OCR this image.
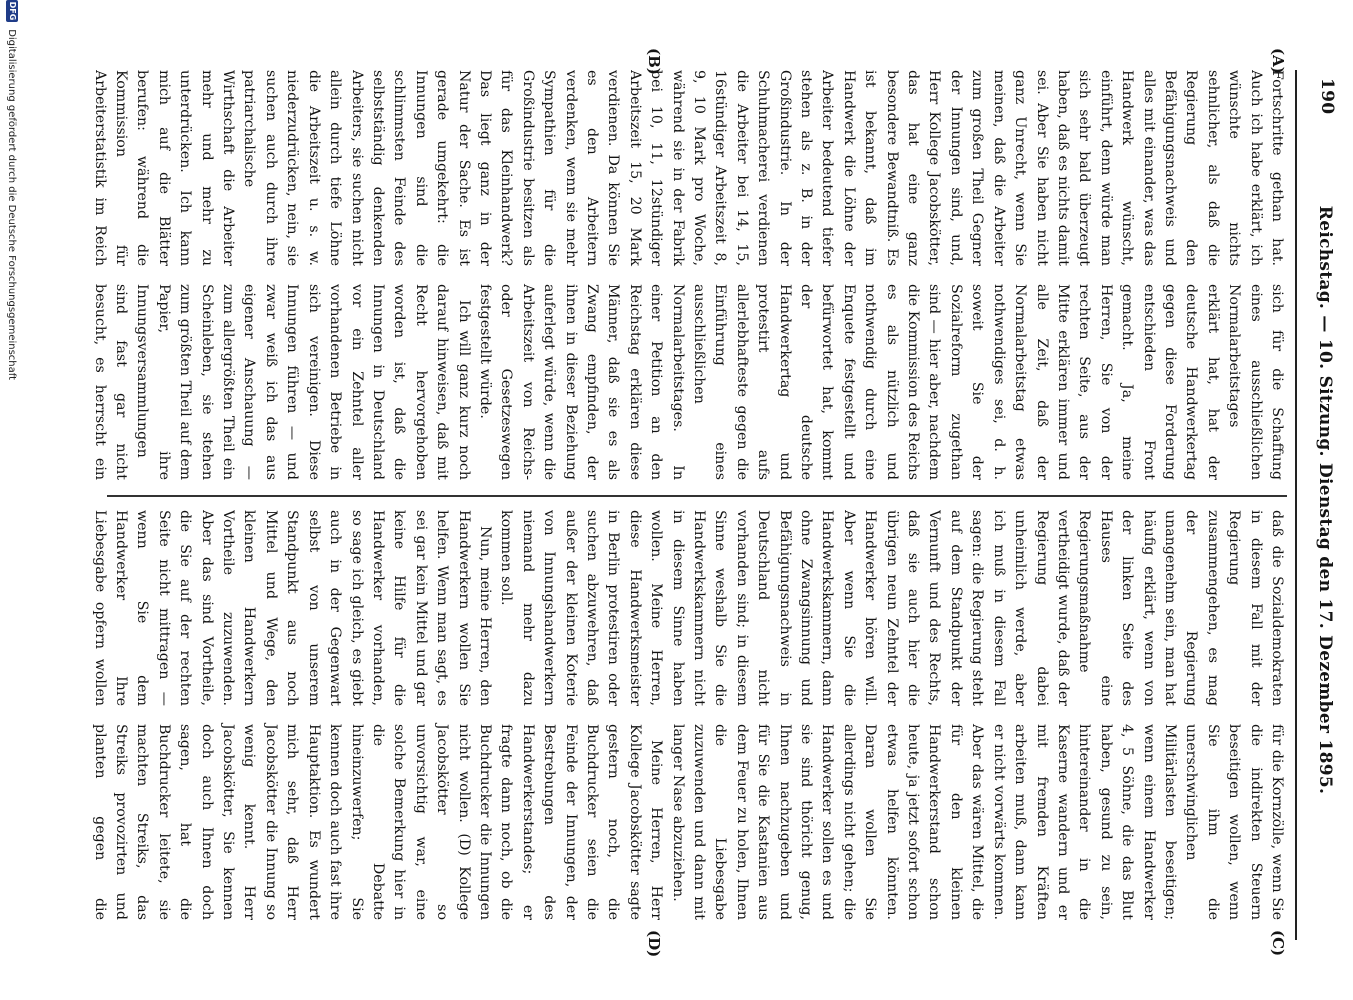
190
Reichstag. — 10. Sitzung. Dienstag den 17. Dezember 1895.
(A)
(B)
(C)
(D)

Fortschritte gethan hat. Auch ich habe erklärt, ich wünschte nichts sehnlicher, als daß die Regierung den Befähigungsnachweis und alles mit einander, was das Handwerk wünscht, einführt, denn würde man sich sehr bald überzeugt haben, daß es nichts damit sei. Aber Sie haben nicht ganz Unrecht, wenn Sie meinen, daß die Arbeiter zum großen Theil Gegner der Innungen sind, und, Herr Kollege Jacobskötter, das hat eine ganz besondere Bewandtniß. Es ist bekannt, daß im Handwerk die Löhne der Arbeiter bedeutend tiefer stehen als z. B. in der Großindustrie. In der Schuhmacherei verdienen die Arbeiter bei 14, 15, 16stündiger Arbeitszeit 8, 9, 10 Mark pro Woche, während sie in der Fabrik bei 10, 11, 12stündiger Arbeitszeit 15, 20 Mark verdienen. Da können Sie es den Arbeitern verdenken, wenn sie mehr Sympathien für die Großindustrie besitzen als für das Kleinhandwerk? Das liegt ganz in der Natur der Sache. Es ist gerade umgekehrt: die Innungen sind die schlimmsten Feinde des selbstständig denkenden Arbeiters, sie suchen nicht allein durch tiefe Löhne die Arbeitszeit u. s. w. niederzudrücken, nein, sie suchen auch durch ihre patriarchalische Wirthschaft die Arbeiter mehr und mehr zu unterdrücken. Ich kann mich auf die Blätter berufen: während die Kommission für Arbeiterstatistik im Reich sich für die Schaffung eines ausschließlichen Normalarbeitstages erklärt hat, hat der deutsche Handwerkertag gegen diese Forderung entschieden Front gemacht. Ja, meine Herren, Sie von der rechten Seite, aus der Mitte erklären immer und alle Zeit, daß der Normalarbeitstag etwas nothwendiges sei, d. h. soweit Sie der Sozialreform zugethan sind — hier aber, nachdem die Kommission des Reichs es als nützlich und nothwendig durch eine Enquete festgestellt und befürwortet hat, kommt der deutsche Handwerkertag und protestirt aufs allerlebhafteste gegen die Einführung eines ausschließlichen Normalarbeitstages. In einer Petition an den Reichstag erklären diese Männer, daß sie es als Zwang empfinden, der ihnen in dieser Beziehung auferlegt würde, wenn die Arbeitszeit von Reichs- oder Gesetzeswegen festgestellt würde.

Ich will ganz kurz noch darauf hinweisen, daß mit Recht hervorgehoben worden ist, daß die Innungen in Deutschland vor ein Zehntel aller vorhandenen Betriebe in sich vereinigen. Diese Innungen führen — und zwar weiß ich das aus eigener Anschauung — zum allergrößten Theil ein Scheinleben, sie stehen zum größten Theil auf dem Papier, ihre Innungsversammlungen sind fast gar nicht besucht, es herrscht ein

daß die Sozialdemokraten in diesem Fall mit der Regierung zusammengehen, es mag der Regierung unangenehm sein, man hat häufig erklärt, wenn von der linken Seite des Hauses eine Regierungsmaßnahme vertheidigt wurde, daß der Regierung dabei unheimlich werde, aber ich muß in diesem Fall sagen: die Regierung steht auf dem Standpunkt der Vernunft und des Rechts, daß sie auch hier die übrigen neun Zehntel der Handwerker hören will. Aber wenn Sie die Handwerkskammern, dann ohne Zwangsinnung und Befähigungsnachweis in Deutschland nicht vorhanden sind; in diesem Sinne weshalb Sie die Handwerkskammern nicht in diesem Sinne haben wollen. Meine Herren, diese Handwerksmeister in Berlin protestiren oder suchen abzuwehren, daß außer der kleinen Koterie von Innungshandwerkern niemand mehr dazu kommen soll.

Nun, meine Herren, den Handwerkern wollen Sie helfen. Wenn man sagt, es sei gar kein Mittel und gar keine Hilfe für die Handwerker vorhanden, so sage ich gleich, es giebt auch in der Gegenwart selbst von unserem Standpunkt aus noch Mittel und Wege, den kleinen Handwerkern Vortheile zuzuwenden. Aber das sind Vortheile, die Sie auf der rechten Seite nicht mittragen — wenn Sie dem Handwerker Ihre Liebesgabe opfern wollen für die Kornzölle, wenn Sie die indirekten Steuern beseitigen wollen, wenn Sie ihm die unerschwinglichen Militärlasten beseitigen; wenn einem Handwerker 4, 5 Söhne, die das Blut haben, gesund zu sein, hintereinander in die Kaserne wandern und er mit fremden Kräften arbeiten muß, dann kann er nicht vorwärts kommen. Aber das wären Mittel, die für den kleinen Handwerkerstand schon heute, ja jetzt sofort schon etwas helfen könnten. Daran wollen Sie allerdings nicht gehen; die Handwerker sollen es und sie sind thöricht genug, Ihnen nachzugeben und für Sie die Kastanien aus dem Feuer zu holen, Ihnen die Liebesgabe zuzuwenden und dann mit langer Nase abzuziehen.

Meine Herren, Herr Kollege Jacobskötter sagte gestern noch, die Buchdrucker seien die Feinde der Innungen, der Bestrebungen des Handwerkerstandes; er fragte dann noch, ob die Buchdrucker die Innungen nicht wollen. (D) Kollege Jacobskötter so unvorsichtig war, eine solche Bemerkung hier in die Debatte hineinzuwerfen; Sie kennen doch auch fast ihre Hauptaktion. Es wundert mich sehr, daß Herr Jacobskötter die Innung so wenig kennt. Herr Jacobskötter, Sie kennen doch auch Ihnen doch sagen, hat die Buchdrucker leitete, sie machten Streiks, das Streiks provozirten und planten gegen die

DFG Digitalisierung gefördert durch die Deutsche Forschungsgemeinschaft
